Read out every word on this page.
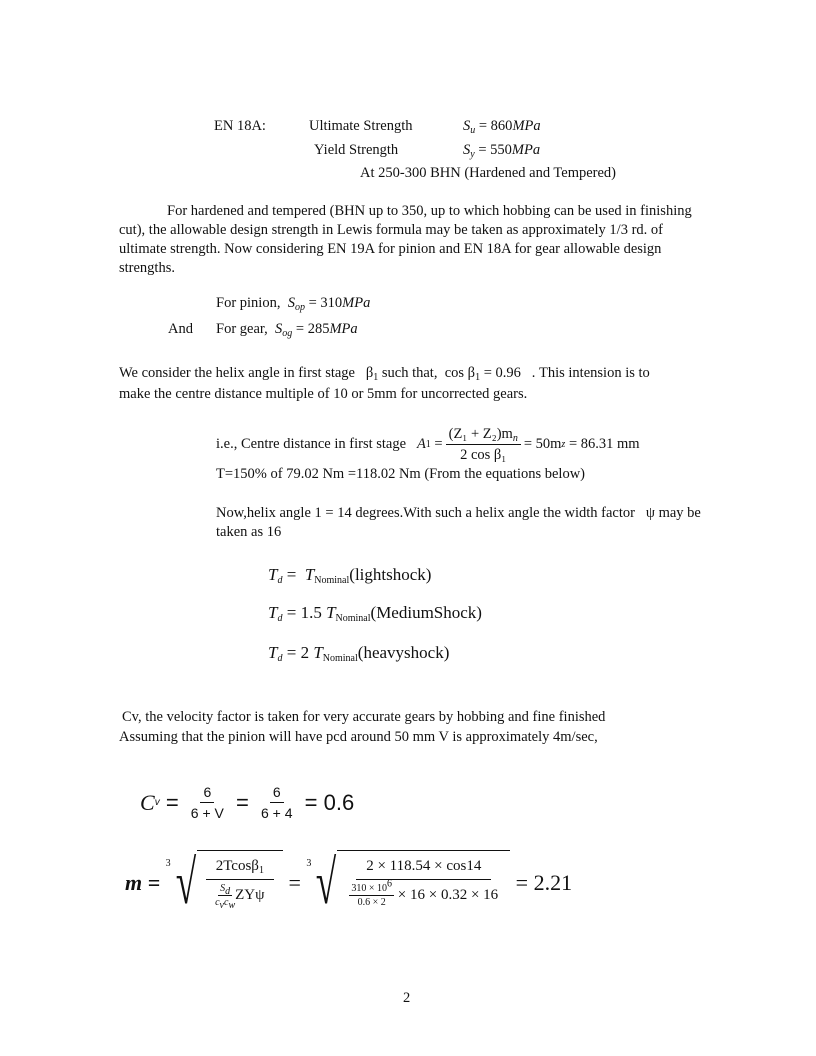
EN 18A:	Ultimate Strength	$S_u = 860MPa$
Yield Strength	$S_y = 550MPa$
At 250-300 BHN (Hardened and Tempered)
For hardened and tempered (BHN up to 350, up to which hobbing can be used in finishing cut), the allowable design strength in Lewis formula may be taken as approximately 1/3 rd. of ultimate strength. Now considering EN 19A for pinion and EN 18A for gear allowable design strengths.
For pinion, $S_{op} = 310MPa$
And For gear, $S_{og} = 285MPa$
We consider the helix angle in first stage $\beta_1$ such that, $\cos \beta_1 = 0.96$ . This intension is to
make the centre distance multiple of 10 or 5mm for uncorrected gears.
i.e., Centre distance in first stage
A 1
= $\frac{(Z_1 + Z_2)m_n}{\text{2 cos β₁}} = 50m$ z
= 86.31 mm
T=150% of 79.02 Nm =118.02 Nm (From the equations below)
Now,helix angle 1 = 14 degrees.With such a helix angle the width factor ψ may be
taken as 16
$T_d$ = $T_{Nominal}(lightshock)$
$T_d = 1.5$ $T_{Nominal}(MediumShock)$
$T_d = 2$ $T_{Nominal}(heavyshock)$
Cv, the velocity factor is taken for very accurate gears by hobbing and fine finished
Assuming that the pinion will have pcd around 50 mm V is approximately 4m/sec,
C v
=
$\frac{6}{6 + V}$
=
$\frac{6}{6 + 4}$
= 0.6
m =

3 √ 2Tcosβ$_1$
$S_d$
$c_vc_w$
ZYψ
=

3 √	2 × 118.54 × cos14
$\frac{310 \times 10^6}{0.6 \times 2} \times 16 \times 0.32 \times 16$
= 2.21
2
